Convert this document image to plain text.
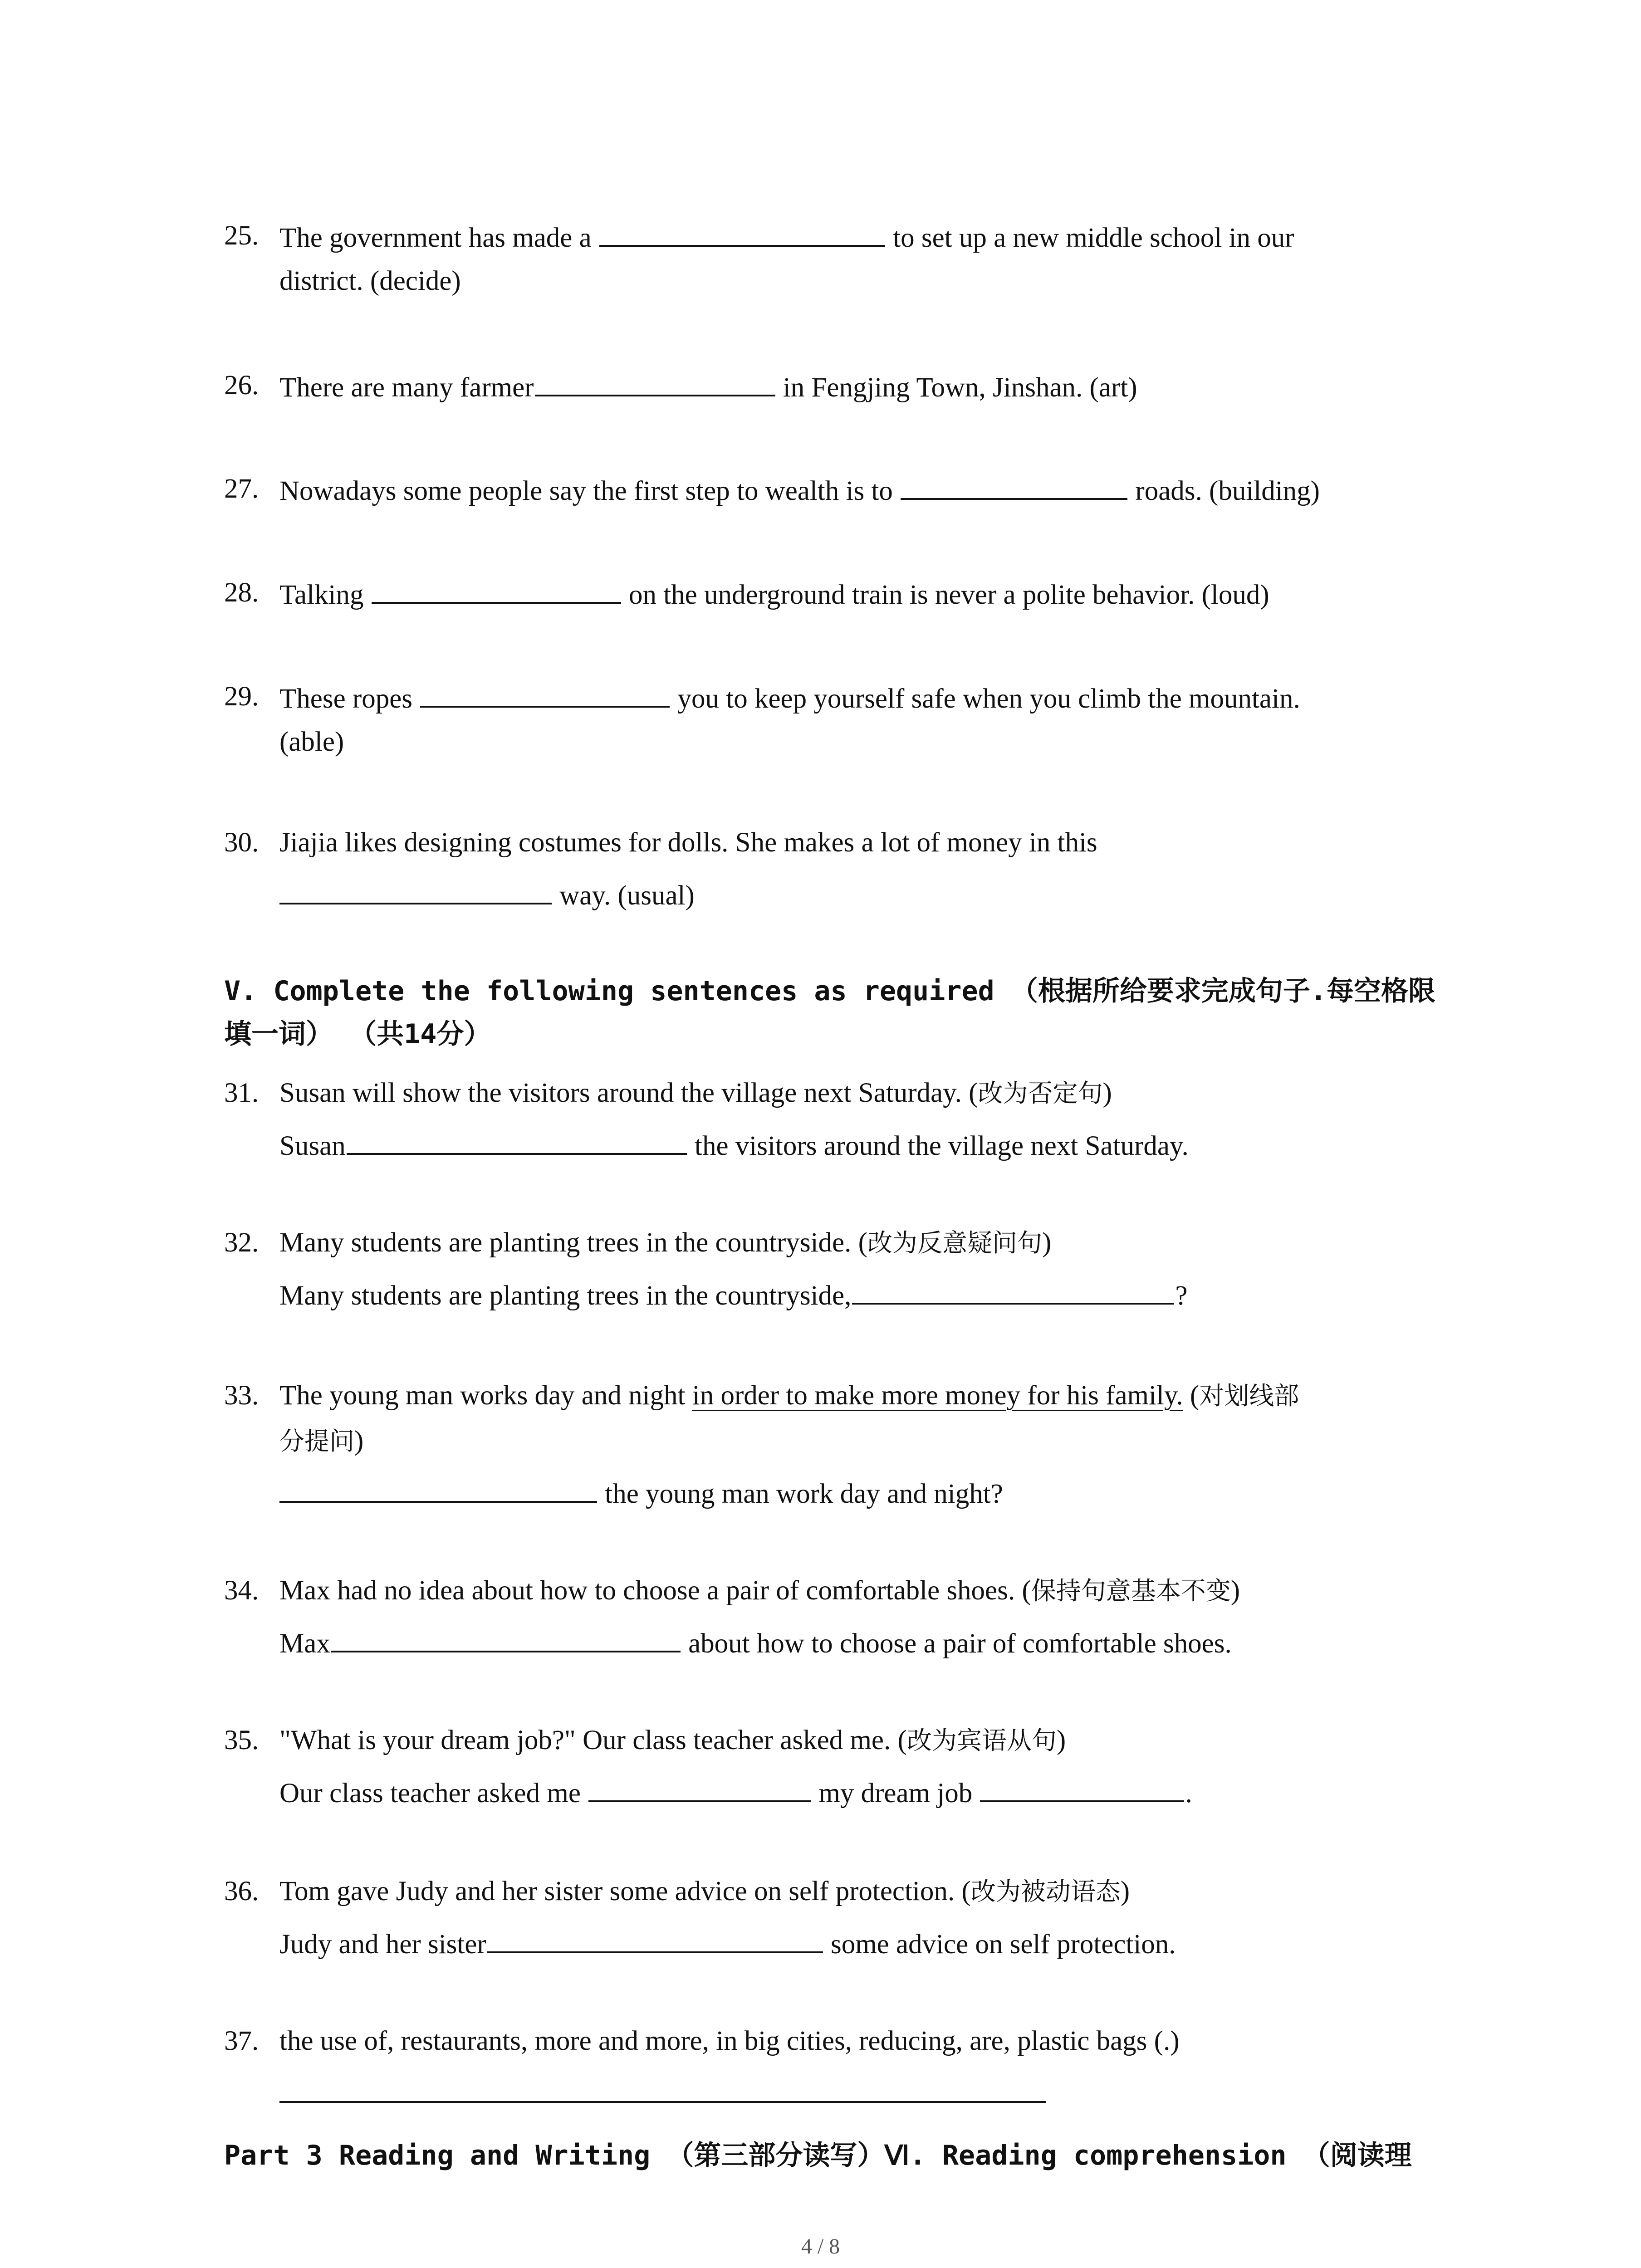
25. The government has made a	to set up a new middle school in our
district. (decide)
26. There are many farmer	in Fengjing Town, Jinshan. (art)
27. Nowadays some people say the first step to wealth is to	roads. (building)
28. Talking	on the underground train is never a polite behavior. (loud)
29. These ropes	you to keep yourself safe when you climb the mountain.
(able)
30. Jiajia likes designing costumes for dolls. She makes a lot of money in this
way. (usual)
V. Complete the following sentences as required （根据所给要求完成句子.每空格限
填一词） （共14分）
31. Susan will show the visitors around the village next Saturday. (改为否定句)
Susan	the visitors around the village next Saturday.
32. Many students are planting trees in the countryside. (改为反意疑问句)
Many students are planting trees in the countryside,	?
33. The young man works day and night in order to make more money for his family. (对划线部
分提问)
the young man work day and night?
34. Max had no idea about how to choose a pair of comfortable shoes. (保持句意基本不变)
Max	about how to choose a pair of comfortable shoes.
35. "What is your dream job?" Our class teacher asked me. (改为宾语从句)
Our class teacher asked me	my dream job	.
36. Tom gave Judy and her sister some advice on self protection. (改为被动语态)
Judy and her sister	some advice on self protection.
37. the use of, restaurants, more and more, in big cities, reducing, are, plastic bags (.)
Part 3 Reading and Writing （第三部分读写）Ⅵ. Reading comprehension （阅读理
4 / 8
